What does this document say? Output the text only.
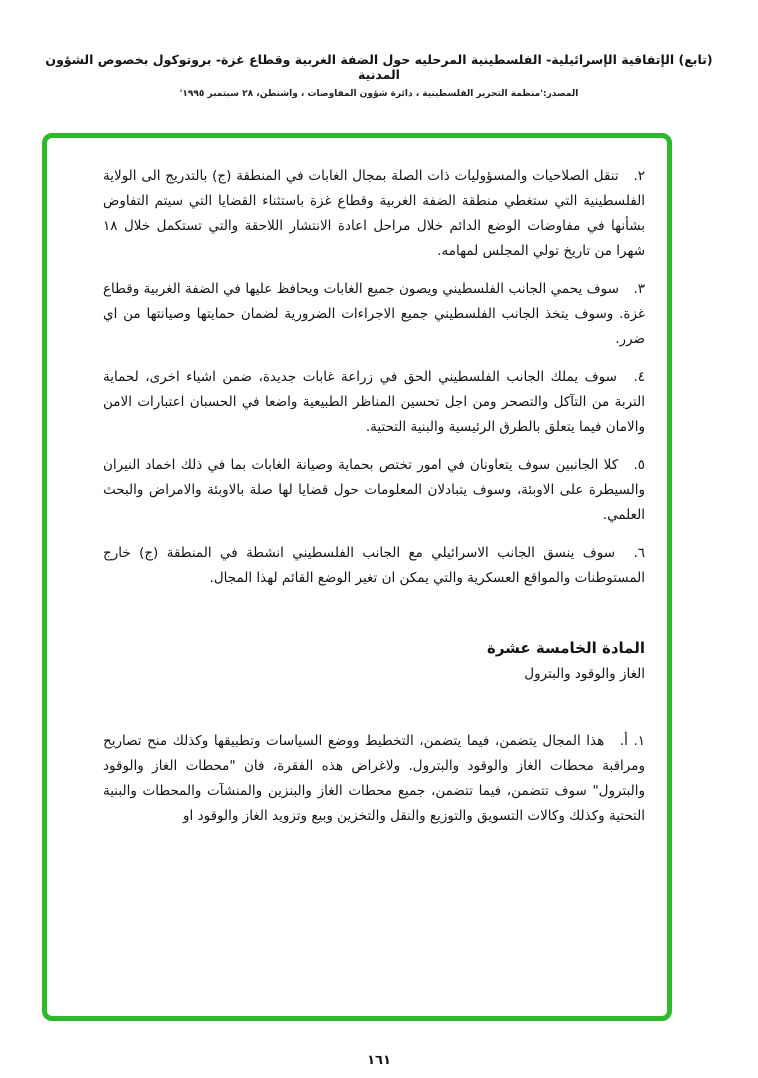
(تابع) الإتفاقية الإسرائيلية- الفلسطينية المرحليه حول الضفة الغربية وقطاع غزة- بروتوكول بخصوص الشؤون المدنية
المصدر:'منظمة التحرير الفلسطينية ، دائرة شؤون المفاوضات ، واشنطن، ٢٨ سبتمبر ١٩٩٥'
٢. تنقل الصلاحيات والمسؤوليات ذات الصلة بمجال الغابات في المنطقة (ج) بالتدريج الى الولاية الفلسطينية التي ستغطي منطقة الضفة الغربية وقطاع غزة باستثناء القضايا التي سيتم التفاوض بشأنها في مفاوضات الوضع الدائم خلال مراحل اعادة الانتشار اللاحقة والتي تستكمل خلال ١٨ شهرا من تاريخ تولي المجلس لمهامه.
٣. سوف يحمي الجانب الفلسطيني ويصون جميع الغابات ويحافظ عليها في الضفة الغربية وقطاع غزة. وسوف يتخذ الجانب الفلسطيني جميع الاجراءات الضرورية لضمان حمايتها وصيانتها من اي ضرر.
٤. سوف يملك الجانب الفلسطيني الحق في زراعة غابات جديدة، ضمن اشياء اخرى، لحماية التربة من التآكل والتصحر ومن اجل تحسين المناظر الطبيعية واضعا في الحسبان اعتبارات الامن والامان فيما يتعلق بالطرق الرئيسية والبنية التحتية.
٥. كلا الجانبين سوف يتعاونان في امور تختص بحماية وصيانة الغابات بما في ذلك اخماد النيران والسيطرة على الاوبئة، وسوف يتبادلان المعلومات حول قضايا لها صلة بالاوبئة والامراض والبحث العلمي.
٦. سوف ينسق الجانب الاسرائيلي مع الجانب الفلسطيني انشطة في المنطقة (ج) خارج المستوطنات والمواقع العسكرية والتي يمكن ان تغير الوضع القائم لهذا المجال.
المادة الخامسة عشرة
الغاز والوقود والبترول
١. أ. هذا المجال يتضمن، فيما يتضمن، التخطيط ووضع السياسات وتطبيقها وكذلك منح تصاريح ومراقبة محطات الغاز والوقود والبترول. ولاغراض هذه الفقرة، فان "محطات الغاز والوقود والبترول" سوف تتضمن، فيما تتضمن، جميع محطات الغاز والبنزين والمنشآت والمحطات والبنية التحتية وكذلك وكالات التسويق والتوزيع والنقل والتخزين وبيع وتزويد الغاز والوقود او
١٦١
